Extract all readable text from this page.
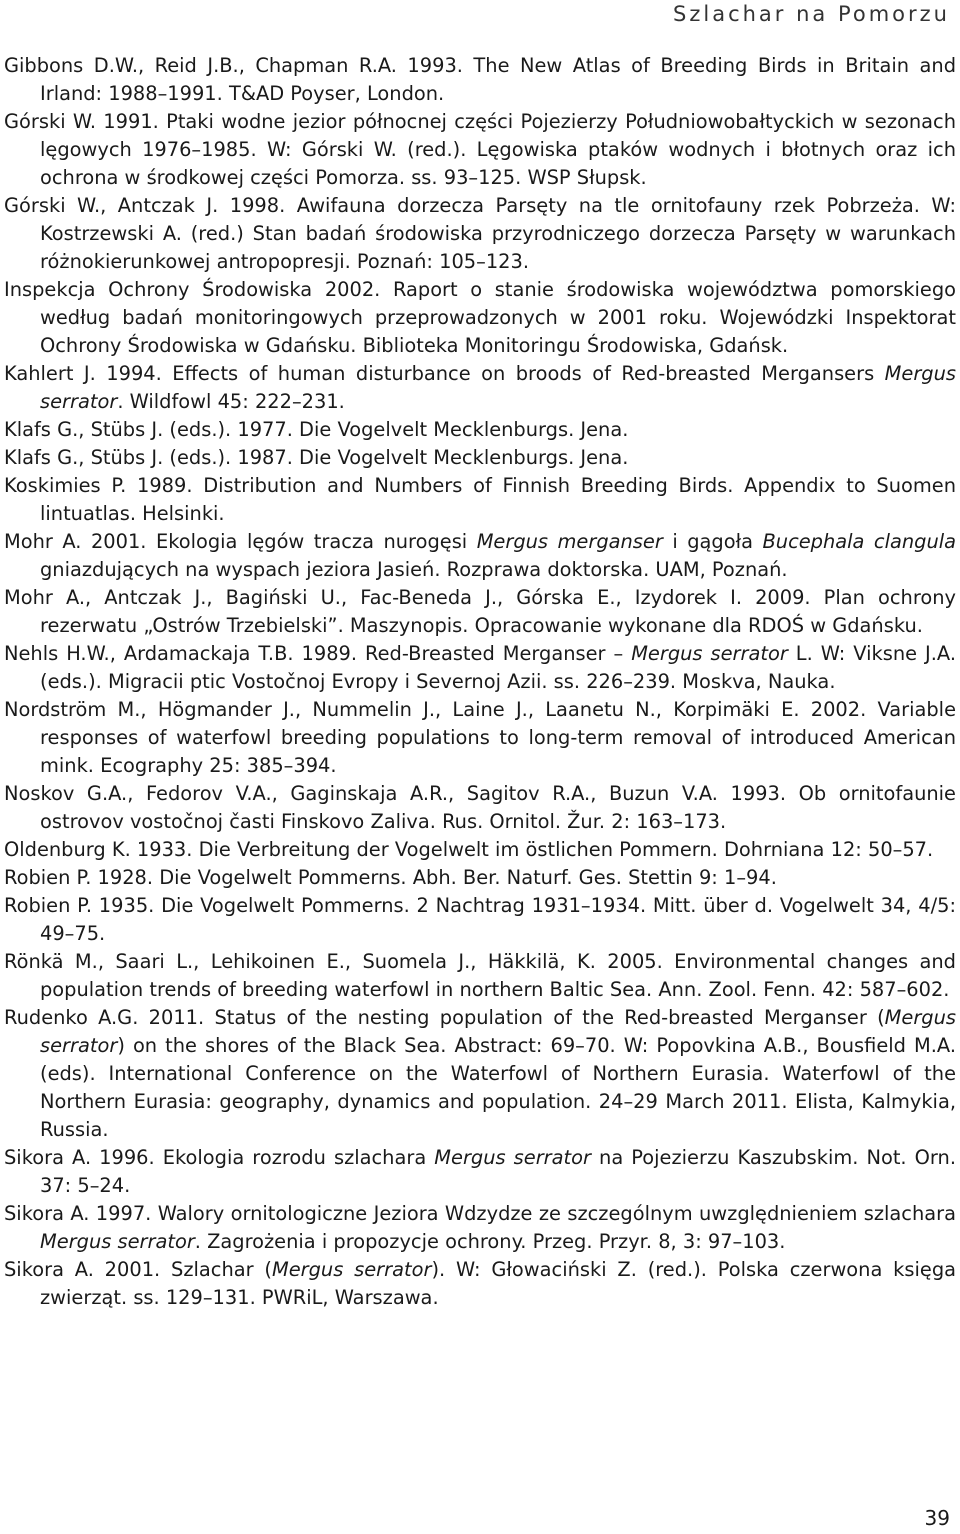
Szlachar na Pomorzu

Gibbons D.W., Reid J.B., Chapman R.A. 1993. The New Atlas of Breeding Birds in Britain and Irland: 1988–1991. T&AD Poyser, London.

Górski W. 1991. Ptaki wodne jezior północnej części Pojezierzy Południowobałtyckich w sezonach lęgowych 1976–1985. W: Górski W. (red.). Lęgowiska ptaków wodnych i błotnych oraz ich ochrona w środkowej części Pomorza. ss. 93–125. WSP Słupsk.

Górski W., Antczak J. 1998. Awifauna dorzecza Parsęty na tle ornitofauny rzek Pobrzeża. W: Kostrzewski A. (red.) Stan badań środowiska przyrodniczego dorzecza Parsęty w warunkach różnokierunkowej antropopresji. Poznań: 105–123.

Inspekcja Ochrony Środowiska 2002. Raport o stanie środowiska województwa pomorskiego według badań monitoringowych przeprowadzonych w 2001 roku. Wojewódzki Inspektorat Ochrony Środowiska w Gdańsku. Biblioteka Monitoringu Środowiska, Gdańsk.

Kahlert J. 1994. Effects of human disturbance on broods of Red-breasted Mergansers Mergus serrator. Wildfowl 45: 222–231.

Klafs G., Stübs J. (eds.). 1977. Die Vogelvelt Mecklenburgs. Jena.

Klafs G., Stübs J. (eds.). 1987. Die Vogelvelt Mecklenburgs. Jena.

Koskimies P. 1989. Distribution and Numbers of Finnish Breeding Birds. Appendix to Suomen lintuatlas. Helsinki.

Mohr A. 2001. Ekologia lęgów tracza nurogęsi Mergus merganser i gągoła Bucephala clangula gniazdujących na wyspach jeziora Jasień. Rozprawa doktorska. UAM, Poznań.

Mohr A., Antczak J., Bagiński U., Fac-Beneda J., Górska E., Izydorek I. 2009. Plan ochrony rezerwatu „Ostrów Trzebielski”. Maszynopis. Opracowanie wykonane dla RDOŚ w Gdańsku.

Nehls H.W., Ardamackaja T.B. 1989. Red-Breasted Merganser – Mergus serrator L. W: Viksne J.A. (eds.). Migracii ptic Vostočnoj Evropy i Severnoj Azii. ss. 226–239. Moskva, Nauka.

Nordström M., Högmander J., Nummelin J., Laine J., Laanetu N., Korpimäki E. 2002. Variable responses of waterfowl breeding populations to long-term removal of introduced American mink. Ecography 25: 385–394.

Noskov G.A., Fedorov V.A., Gaginskaja A.R., Sagitov R.A., Buzun V.A. 1993. Ob ornitofaunie ostrovov vostočnoj časti Finskovo Zaliva. Rus. Ornitol. Žur. 2: 163–173.

Oldenburg K. 1933. Die Verbreitung der Vogelwelt im östlichen Pommern. Dohrniana 12: 50–57.

Robien P. 1928. Die Vogelwelt Pommerns. Abh. Ber. Naturf. Ges. Stettin 9: 1–94.

Robien P. 1935. Die Vogelwelt Pommerns. 2 Nachtrag 1931–1934. Mitt. über d. Vogelwelt 34, 4/5: 49–75.

Rönkä M., Saari L., Lehikoinen E., Suomela J., Häkkilä, K. 2005. Environmental changes and population trends of breeding waterfowl in northern Baltic Sea. Ann. Zool. Fenn. 42: 587–602.

Rudenko A.G. 2011. Status of the nesting population of the Red-breasted Merganser (Mergus serrator) on the shores of the Black Sea. Abstract: 69–70. W: Popovkina A.B., Bousfield M.A. (eds). International Conference on the Waterfowl of Northern Eurasia. Waterfowl of the Northern Eurasia: geography, dynamics and population. 24–29 March 2011. Elista, Kalmykia, Russia.

Sikora A. 1996. Ekologia rozrodu szlachara Mergus serrator na Pojezierzu Kaszubskim. Not. Orn. 37: 5–24.

Sikora A. 1997. Walory ornitologiczne Jeziora Wdzydze ze szczególnym uwzględnieniem szlachara Mergus serrator. Zagrożenia i propozycje ochrony. Przeg. Przyr. 8, 3: 97–103.

Sikora A. 2001. Szlachar (Mergus serrator). W: Głowaciński Z. (red.). Polska czerwona księga zwierząt. ss. 129–131. PWRiL, Warszawa.

39
